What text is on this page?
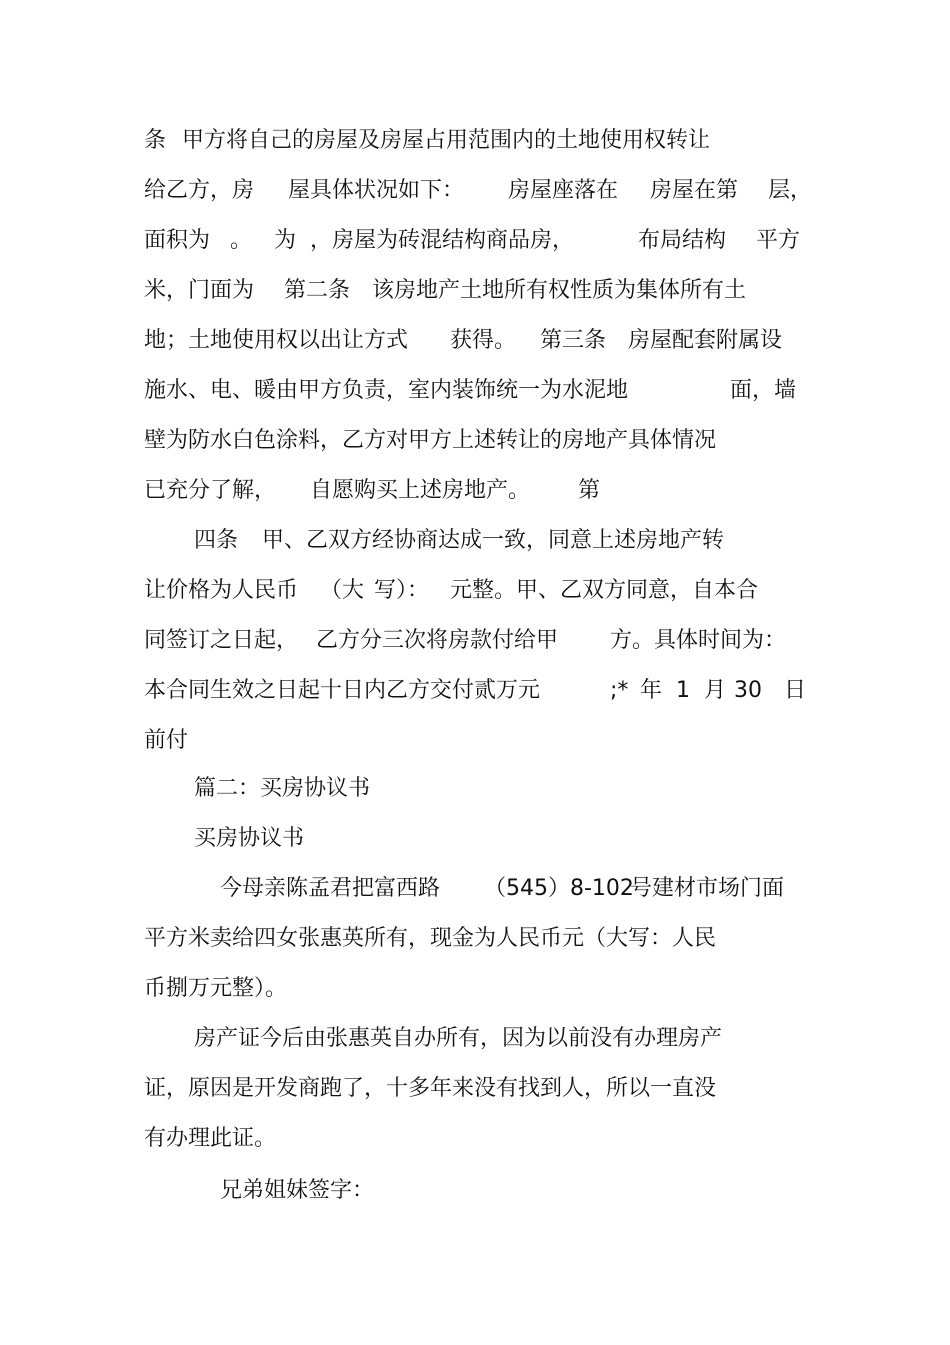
条

甲方将自己的房屋及房屋占用范围内的土地使用权转让

给乙方，房

屋具体状况如下：

房屋座落在

房屋在第

层，

面积为

。

为

，房屋为砖混结构商品房，

	布局结构

平方

米，门面为

第二条

该房地产土地所有权性质为集体所有土

地；土地使用权以出让方式

获得。

第三条

房屋配套附属设

施水、电、暖由甲方负责，室内装饰统一为水泥地

	面，墙

壁为防水白色涂料，乙方对甲方上述转让的房地产具体情况

已充分了解，

自愿购买上述房地产。

第

四条

甲、乙双方经协商达成一致，同意上述房地产转

让价格为人民币

（大

写）：

元整。甲、乙双方同意，自本合

同签订之日起，

乙方分三次将房款付给甲

方。具体时间为：

本合同生效之日起十日内乙方交付贰万元

	;*

年

1

月

30

日

前付

篇二：买房协议书

买房协议书

今母亲陈孟君把富西路

（545）8-102

号建材市场门面

平方米卖给四女张惠英所有，现金为人民币元（大写：人民

币捌万元整）。

房产证今后由张惠英自办所有，因为以前没有办理房产

证，原因是开发商跑了，十多年来没有找到人，所以一直没

有办理此证。

兄弟姐妹签字：
